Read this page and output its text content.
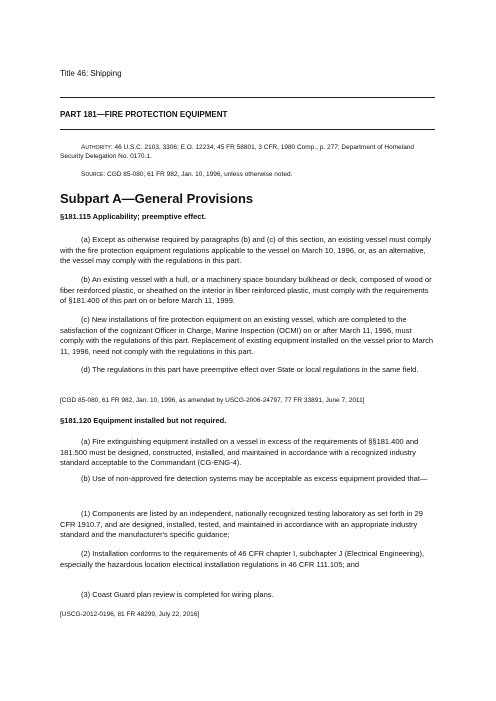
Title 46: Shipping
PART 181—FIRE PROTECTION EQUIPMENT
Authority: 46 U.S.C. 2103, 3306; E.O. 12234, 45 FR 58801, 3 CFR, 1980 Comp., p. 277; Department of Homeland Security Delegation No. 0170.1.
Source: CGD 85-080, 61 FR 982, Jan. 10, 1996, unless otherwise noted.
Subpart A—General Provisions
§181.115 Applicability; preemptive effect.
(a) Except as otherwise required by paragraphs (b) and (c) of this section, an existing vessel must comply with the fire protection equipment regulations applicable to the vessel on March 10, 1996, or, as an alternative, the vessel may comply with the regulations in this part.
(b) An existing vessel with a hull, or a machinery space boundary bulkhead or deck, composed of wood or fiber reinforced plastic, or sheathed on the interior in fiber reinforced plastic, must comply with the requirements of §181.400 of this part on or before March 11, 1999.
(c) New installations of fire protection equipment on an existing vessel, which are completed to the satisfaction of the cognizant Officer in Charge, Marine Inspection (OCMI) on or after March 11, 1996, must comply with the regulations of this part. Replacement of existing equipment installed on the vessel prior to March 11, 1996, need not comply with the regulations in this part.
(d) The regulations in this part have preemptive effect over State or local regulations in the same field.
[CGD 85-080, 61 FR 982, Jan. 10, 1996, as amended by USCG-2006-24797, 77 FR 33891, June 7, 2011]
§181.120 Equipment installed but not required.
(a) Fire extinguishing equipment installed on a vessel in excess of the requirements of §§181.400 and 181.500 must be designed, constructed, installed, and maintained in accordance with a recognized industry standard acceptable to the Commandant (CG-ENG-4).
(b) Use of non-approved fire detection systems may be acceptable as excess equipment provided that—
(1) Components are listed by an independent, nationally recognized testing laboratory as set forth in 29 CFR 1910.7, and are designed, installed, tested, and maintained in accordance with an appropriate industry standard and the manufacturer's specific guidance;
(2) Installation conforms to the requirements of 46 CFR chapter I, subchapter J (Electrical Engineering), especially the hazardous location electrical installation regulations in 46 CFR 111.105; and
(3) Coast Guard plan review is completed for wiring plans.
[USCG-2012-0196, 81 FR 48299, July 22, 2016]
